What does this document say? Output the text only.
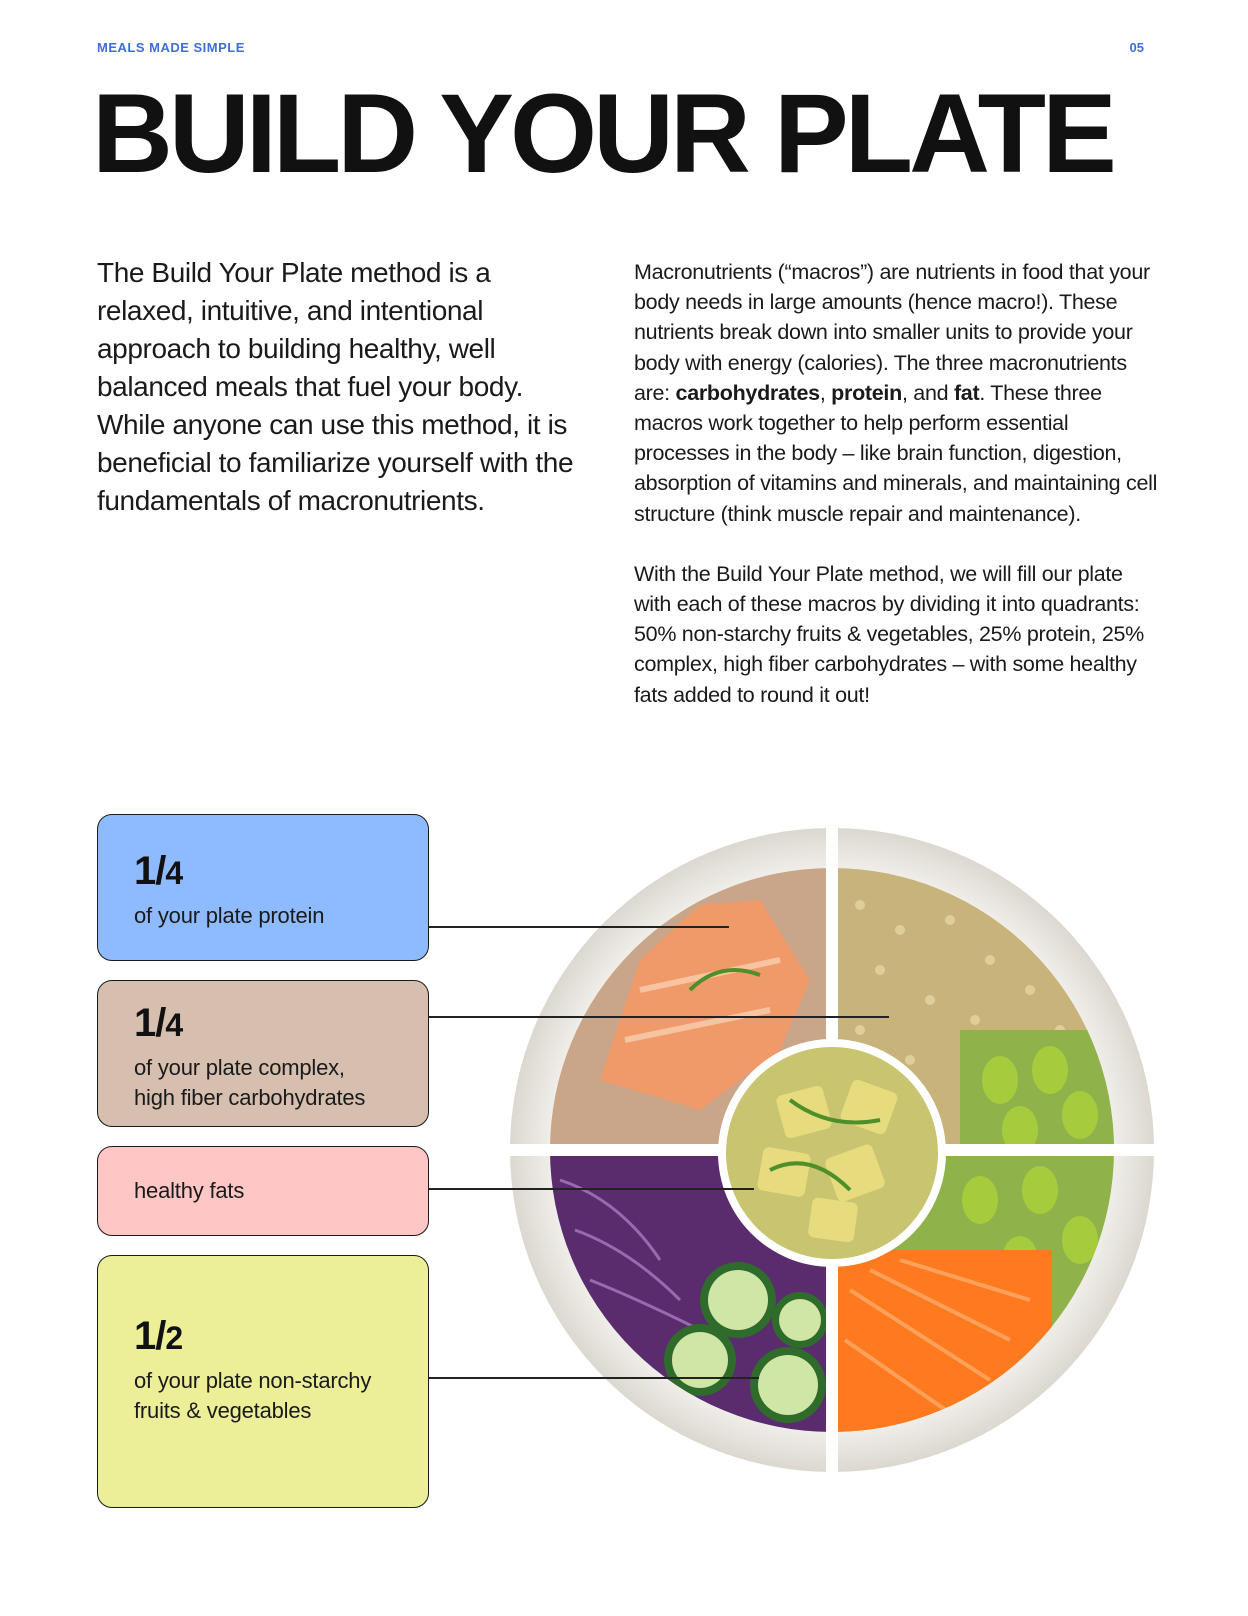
MEALS MADE SIMPLE	05
BUILD YOUR PLATE

The Build Your Plate method is a relaxed, intuitive, and intentional approach to building healthy, well balanced meals that fuel your body. While anyone can use this method, it is beneficial to familiarize yourself with the fundamentals of macronutrients.

Macronutrients (“macros”) are nutrients in food that your body needs in large amounts (hence macro!). These nutrients break down into smaller units to provide your body with energy (calories). The three macronutrients are: carbohydrates, protein, and fat. These three macros work together to help perform essential processes in the body – like brain function, digestion, absorption of vitamins and minerals, and maintaining cell structure (think muscle repair and maintenance).

With the Build Your Plate method, we will fill our plate with each of these macros by dividing it into quadrants: 50% non-starchy fruits & vegetables, 25% protein, 25% complex, high fiber carbohydrates – with some healthy fats added to round it out!

1/4
of your plate protein
1/4
of your plate complex,
high fiber carbohydrates
healthy fats
1/2
of your plate non-starchy
fruits & vegetables
